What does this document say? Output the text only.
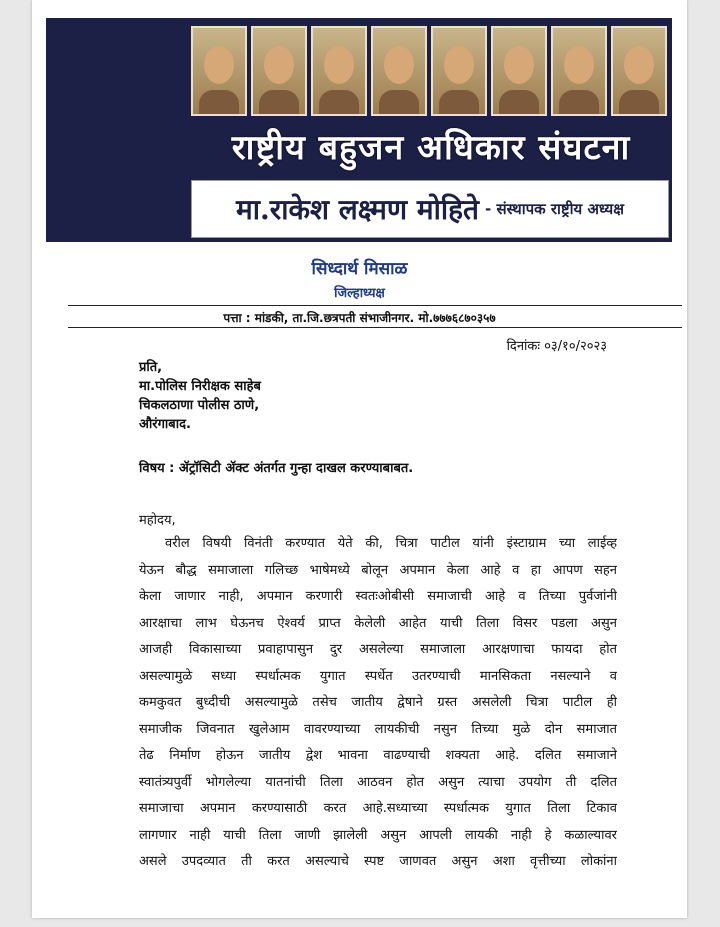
राष्ट्रीय बहुजन अधिकार संघटना
मा.राकेश लक्ष्मण मोहिते - संस्थापक राष्ट्रीय अध्यक्ष
सिध्दार्थ मिसाळ
जिल्हाध्यक्ष
पत्ता : मांडकी, ता.जि.छत्रपती संभाजीनगर. मो.७७७६८७०३५७
दिनांकः ०३/१०/२०२३
प्रति,
मा.पोलिस निरीक्षक साहेब
चिकलठाणा पोलीस ठाणे,
औरंगाबाद.
विषय : ॲट्रॉसिटी ॲक्ट अंतर्गत गुन्हा दाखल करण्याबाबत.
महोदय,
वरील विषयी विनंती करण्यात येते की, चित्रा पाटील यांनी इंस्टाग्राम च्या लाईव्ह
येऊन बौद्ध समाजाला गलिच्छ भाषेमध्ये बोलून अपमान केला आहे व हा आपण सहन
केला जाणार नाही, अपमान करणारी स्वतःओबीसी समाजाची आहे व तिच्या पुर्वजांनी
आरक्षाचा लाभ घेऊनच ऐश्वर्य प्राप्त केलेली आहेत याची तिला विसर पडला असुन
आजही विकासाच्या प्रवाहापासुन दुर असलेल्या समाजाला आरक्षणाचा फायदा होत
असल्यामुळे सध्या स्पर्धात्मक युगात स्पर्धेत उतरण्याची मानसिकता नसल्याने व
कमकुवत बुध्दीची असल्यामुळे तसेच जातीय द्वेषाने ग्रस्त असलेली चित्रा पाटील ही
समाजीक जिवनात खुलेआम वावरण्याच्या लायकीची नसुन तिच्या मुळे दोन समाजात
तेढ निर्माण होऊन जातीय द्वेश भावना वाढण्याची शक्यता आहे. दलित समाजाने
स्वातंत्र्यपुर्वी भोगलेल्या यातनांची तिला आठवन होत असुन त्याचा उपयोग ती दलित
समाजाचा अपमान करण्यासाठी करत आहे.सध्याच्या स्पर्धात्मक युगात तिला टिकाव
लागणार नाही याची तिला जाणी झालेली असुन आपली लायकी नाही हे कळाल्यावर
असले उपदव्यात ती करत असल्याचे स्पष्ट जाणवत असुन अशा वृत्तीच्या लोकांना
